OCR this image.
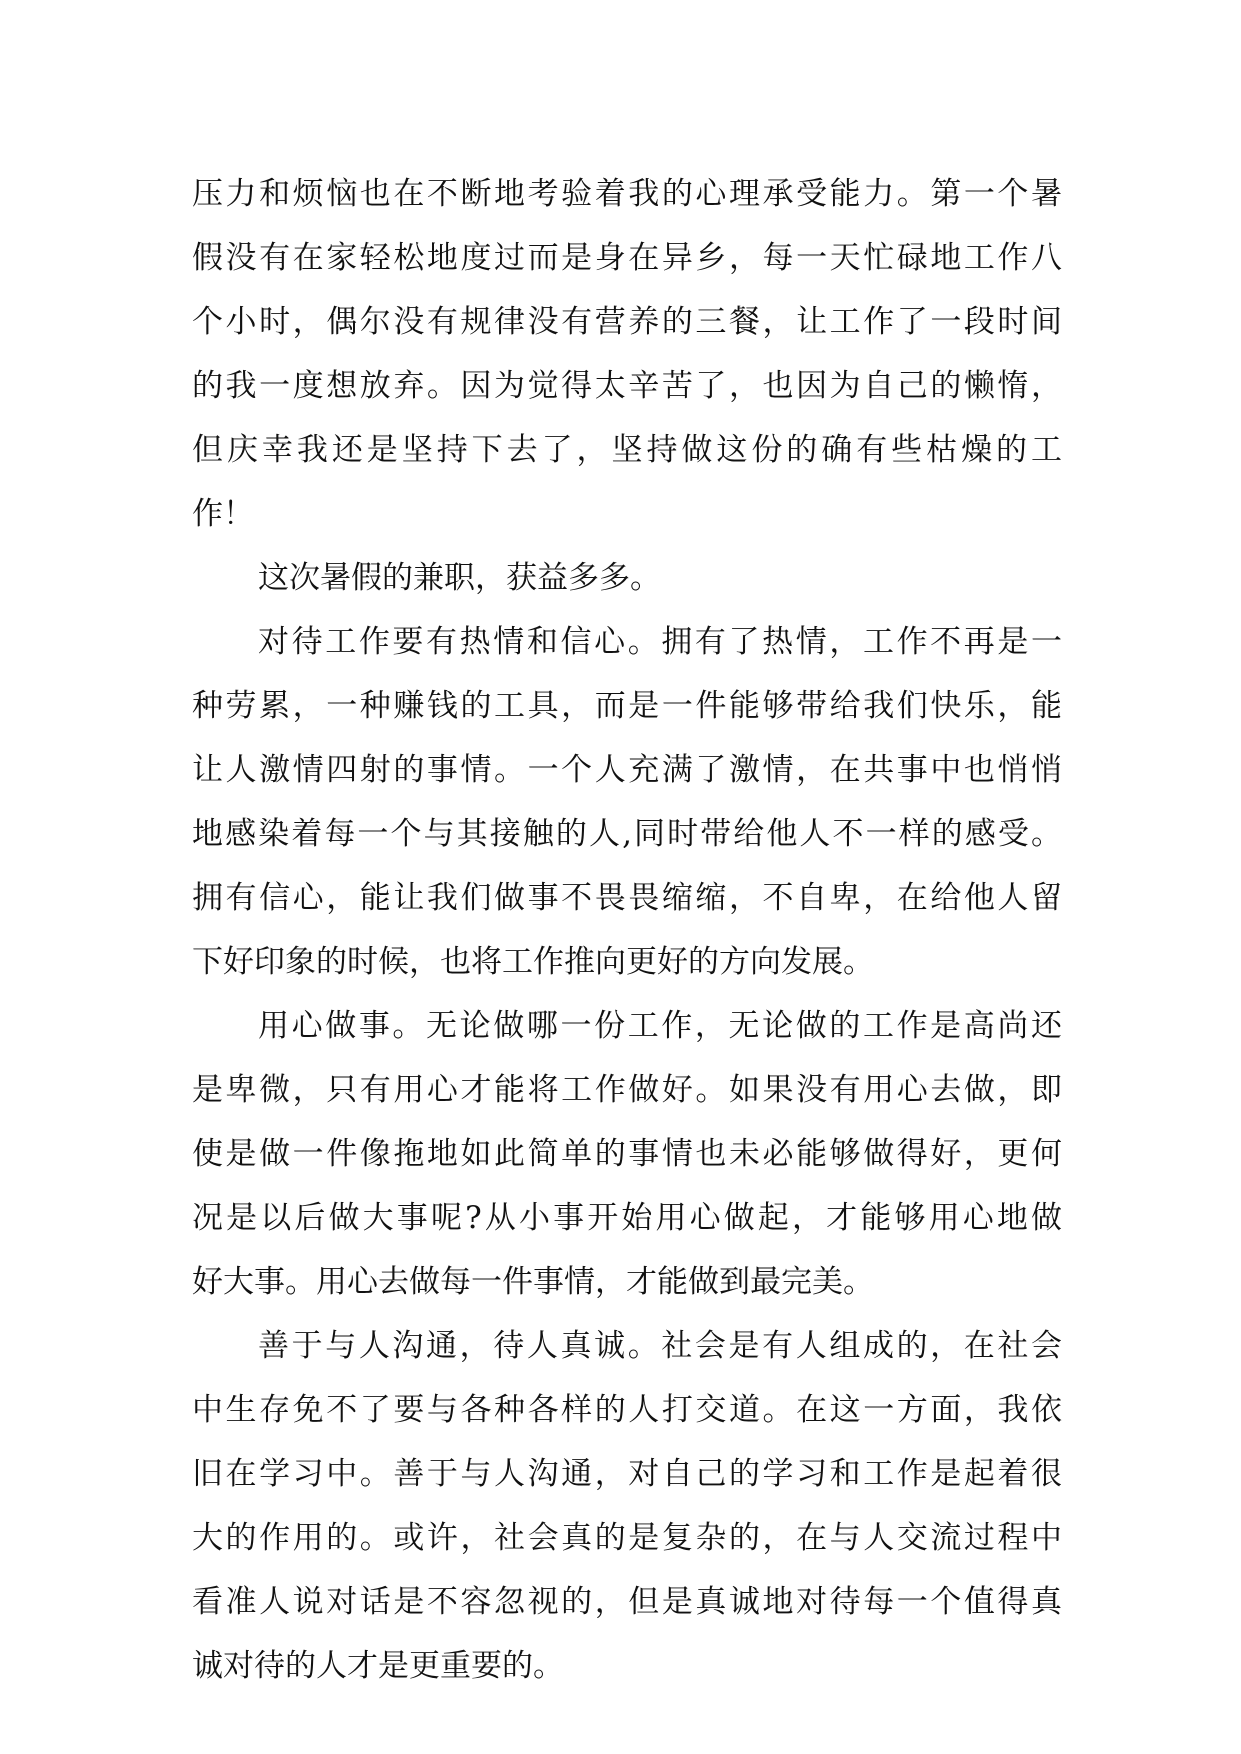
压力和烦恼也在不断地考验着我的心理承受能力。第一个暑
假没有在家轻松地度过而是身在异乡，每一天忙碌地工作八
个小时，偶尔没有规律没有营养的三餐，让工作了一段时间
的我一度想放弃。因为觉得太辛苦了，也因为自己的懒惰，
但庆幸我还是坚持下去了，坚持做这份的确有些枯燥的工
作！
这次暑假的兼职，获益多多。
对待工作要有热情和信心。拥有了热情，工作不再是一
种劳累，一种赚钱的工具，而是一件能够带给我们快乐，能
让人激情四射的事情。一个人充满了激情，在共事中也悄悄
地感染着每一个与其接触的人,同时带给他人不一样的感受。
拥有信心，能让我们做事不畏畏缩缩，不自卑，在给他人留
下好印象的时候，也将工作推向更好的方向发展。
用心做事。无论做哪一份工作，无论做的工作是高尚还
是卑微，只有用心才能将工作做好。如果没有用心去做，即
使是做一件像拖地如此简单的事情也未必能够做得好，更何
况是以后做大事呢?从小事开始用心做起，才能够用心地做
好大事。用心去做每一件事情，才能做到最完美。
善于与人沟通，待人真诚。社会是有人组成的，在社会
中生存免不了要与各种各样的人打交道。在这一方面，我依
旧在学习中。善于与人沟通，对自己的学习和工作是起着很
大的作用的。或许，社会真的是复杂的，在与人交流过程中
看准人说对话是不容忽视的，但是真诚地对待每一个值得真
诚对待的人才是更重要的。
